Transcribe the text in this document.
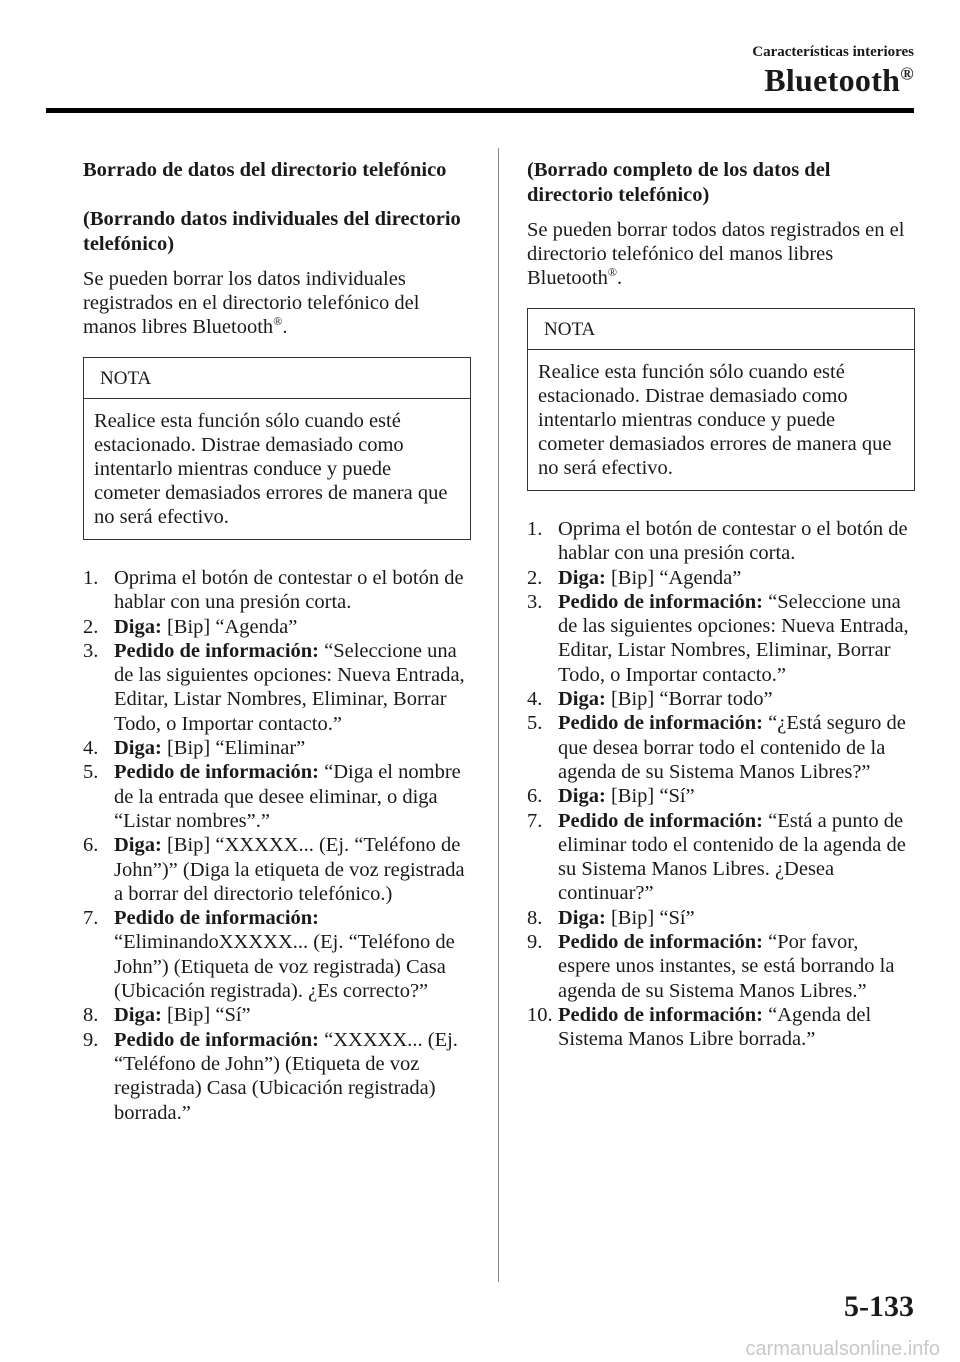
Características interiores
Bluetooth®

Borrado de datos del directorio telefónico

(Borrando datos individuales del directorio telefónico)

Se pueden borrar los datos individuales registrados en el directorio telefónico del manos libres Bluetooth®.

NOTA
Realice esta función sólo cuando esté estacionado. Distrae demasiado como intentarlo mientras conduce y puede cometer demasiados errores de manera que no será efectivo.
1. Oprima el botón de contestar o el botón de hablar con una presión corta.
2. Diga: [Bip] “Agenda”
3. Pedido de información: “Seleccione una de las siguientes opciones: Nueva Entrada, Editar, Listar Nombres, Eliminar, Borrar Todo, o Importar contacto.”
4. Diga: [Bip] “Eliminar”
5. Pedido de información: “Diga el nombre de la entrada que desee eliminar, o diga “Listar nombres”.”
6. Diga: [Bip] “XXXXX... (Ej. “Teléfono de John”)” (Diga la etiqueta de voz registrada a borrar del directorio telefónico.)
7. Pedido de información: “EliminandoXXXXX... (Ej. “Teléfono de John”) (Etiqueta de voz registrada) Casa (Ubicación registrada). ¿Es correcto?”
8. Diga: [Bip] “Sí”
9. Pedido de información: “XXXXX... (Ej. “Teléfono de John”) (Etiqueta de voz registrada) Casa (Ubicación registrada) borrada.”

(Borrado completo de los datos del directorio telefónico)

Se pueden borrar todos datos registrados en el directorio telefónico del manos libres Bluetooth®.

NOTA
Realice esta función sólo cuando esté estacionado. Distrae demasiado como intentarlo mientras conduce y puede cometer demasiados errores de manera que no será efectivo.
1. Oprima el botón de contestar o el botón de hablar con una presión corta.
2. Diga: [Bip] “Agenda”
3. Pedido de información: “Seleccione una de las siguientes opciones: Nueva Entrada, Editar, Listar Nombres, Eliminar, Borrar Todo, o Importar contacto.”
4. Diga: [Bip] “Borrar todo”
5. Pedido de información: “¿Está seguro de que desea borrar todo el contenido de la agenda de su Sistema Manos Libres?”
6. Diga: [Bip] “Sí”
7. Pedido de información: “Está a punto de eliminar todo el contenido de la agenda de su Sistema Manos Libres. ¿Desea continuar?”
8. Diga: [Bip] “Sí”
9. Pedido de información: “Por favor, espere unos instantes, se está borrando la agenda de su Sistema Manos Libres.”
10. Pedido de información: “Agenda del Sistema Manos Libre borrada.”
5-133
carmanualsonline.info
